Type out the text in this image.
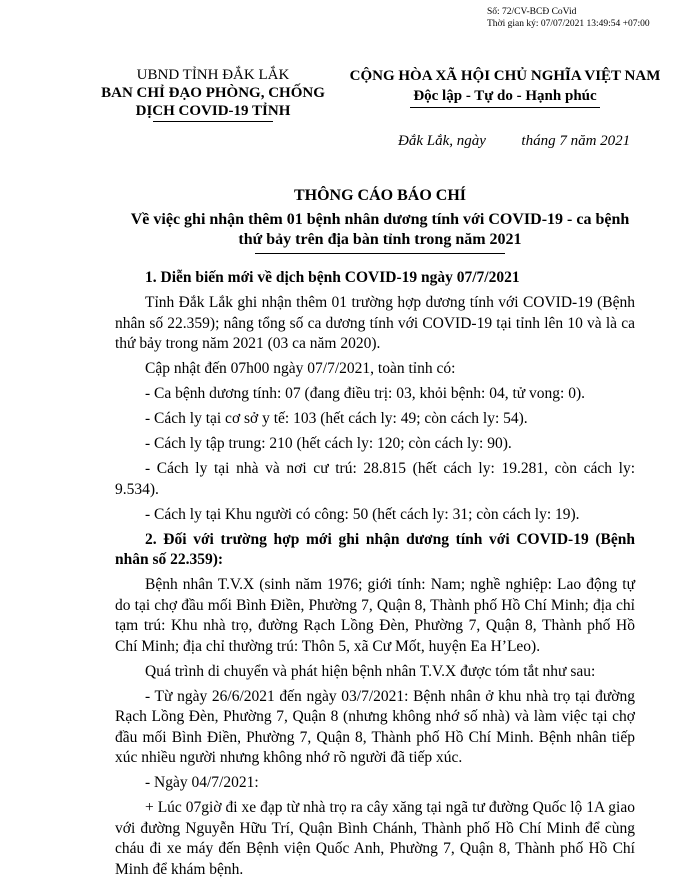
Số: 72/CV-BCĐ CoVid
Thời gian ký: 07/07/2021 13:49:54 +07:00
UBND TỈNH ĐẮK LẮK
BAN CHỈ ĐẠO PHÒNG, CHỐNG
DỊCH COVID-19 TỈNH
CỘNG HÒA XÃ HỘI CHỦ NGHĨA VIỆT NAM
Độc lập - Tự do - Hạnh phúc
Đắk Lắk, ngày tháng 7 năm 2021
THÔNG CÁO BÁO CHÍ
Về việc ghi nhận thêm 01 bệnh nhân dương tính với COVID-19 - ca bệnh thứ bảy trên địa bàn tỉnh trong năm 2021

1. Diễn biến mới về dịch bệnh COVID-19 ngày 07/7/2021

Tỉnh Đắk Lắk ghi nhận thêm 01 trường hợp dương tính với COVID-19 (Bệnh nhân số 22.359); nâng tổng số ca dương tính với COVID-19 tại tỉnh lên 10 và là ca thứ bảy trong năm 2021 (03 ca năm 2020).

Cập nhật đến 07h00 ngày 07/7/2021, toàn tỉnh có:

- Ca bệnh dương tính: 07 (đang điều trị: 03, khỏi bệnh: 04, tử vong: 0).

- Cách ly tại cơ sở y tế: 103 (hết cách ly: 49; còn cách ly: 54).

- Cách ly tập trung: 210 (hết cách ly: 120; còn cách ly: 90).

- Cách ly tại nhà và nơi cư trú: 28.815 (hết cách ly: 19.281, còn cách ly: 9.534).

- Cách ly tại Khu người có công: 50 (hết cách ly: 31; còn cách ly: 19).

2. Đối với trường hợp mới ghi nhận dương tính với COVID-19 (Bệnh nhân số 22.359):

Bệnh nhân T.V.X (sinh năm 1976; giới tính: Nam; nghề nghiệp: Lao động tự do tại chợ đầu mối Bình Điền, Phường 7, Quận 8, Thành phố Hồ Chí Minh; địa chỉ tạm trú: Khu nhà trọ, đường Rạch Lồng Đèn, Phường 7, Quận 8, Thành phố Hồ Chí Minh; địa chỉ thường trú: Thôn 5, xã Cư Mốt, huyện Ea H’Leo).

Quá trình di chuyển và phát hiện bệnh nhân T.V.X được tóm tắt như sau:

- Từ ngày 26/6/2021 đến ngày 03/7/2021: Bệnh nhân ở khu nhà trọ tại đường Rạch Lồng Đèn, Phường 7, Quận 8 (nhưng không nhớ số nhà) và làm việc tại chợ đầu mối Bình Điền, Phường 7, Quận 8, Thành phố Hồ Chí Minh. Bệnh nhân tiếp xúc nhiều người nhưng không nhớ rõ người đã tiếp xúc.

- Ngày 04/7/2021:

+ Lúc 07giờ đi xe đạp từ nhà trọ ra cây xăng tại ngã tư đường Quốc lộ 1A giao với đường Nguyễn Hữu Trí, Quận Bình Chánh, Thành phố Hồ Chí Minh để cùng cháu đi xe máy đến Bệnh viện Quốc Anh, Phường 7, Quận 8, Thành phố Hồ Chí Minh để khám bệnh.
